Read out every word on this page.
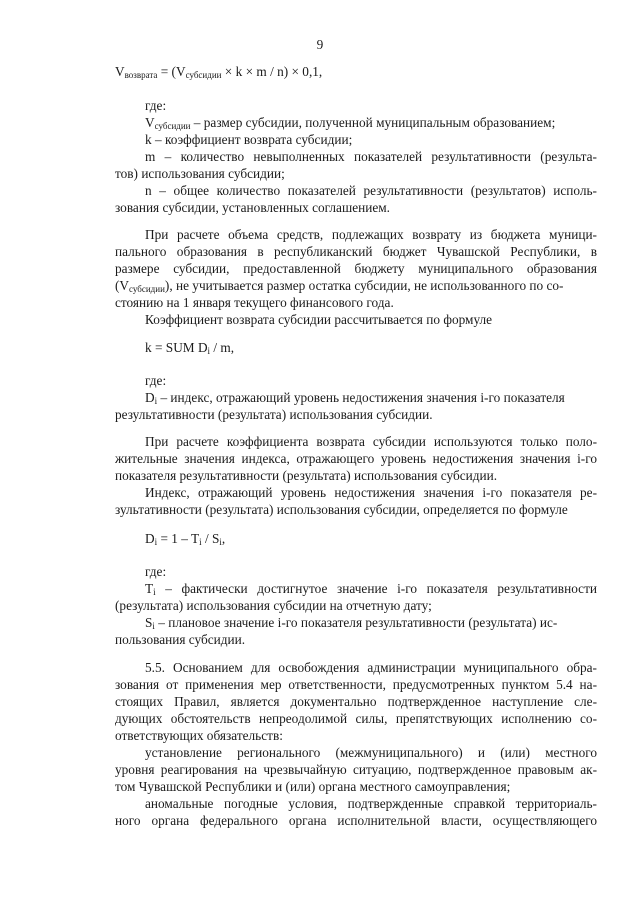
9
$V_{возврата} = (V_{субсидии} \times k \times m / n) \times 0,1$,
где:
$V_{субсидии}$ – размер субсидии, полученной муниципальным образованием;
k – коэффициент возврата субсидии;
m – количество невыполненных показателей результативности (результа-
тов) использования субсидии;
n – общее количество показателей результативности (результатов) исполь-
зования субсидии, установленных соглашением.
При расчете объема средств, подлежащих возврату из бюджета муници-
пального образования в республиканский бюджет Чувашской Республики, в
размере субсидии, предоставленной бюджету муниципального образования
$(V_{субсидии})$, не учитывается размер остатка субсидии, не использованного по со-
стоянию на 1 января текущего финансового года.
Коэффициент возврата субсидии рассчитывается по формуле
k = SUM $D_i$ / m,
где:
$D_i$ – индекс, отражающий уровень недостижения значения i-го показателя
результативности (результата) использования субсидии.
При расчете коэффициента возврата субсидии используются только поло-
жительные значения индекса, отражающего уровень недостижения значения i-го
показателя результативности (результата) использования субсидии.
Индекс, отражающий уровень недостижения значения i-го показателя ре-
зультативности (результата) использования субсидии, определяется по формуле
$D_i = 1 - T_i / S_i$,
где:
$T_i$ – фактически достигнутое значение i-го показателя результативности
(результата) использования субсидии на отчетную дату;
$S_i$ – плановое значение i-го показателя результативности (результата) ис-
пользования субсидии.
5.5. Основанием для освобождения администрации муниципального обра-
зования от применения мер ответственности, предусмотренных пунктом 5.4 на-
стоящих Правил, является документально подтвержденное наступление сле-
дующих обстоятельств непреодолимой силы, препятствующих исполнению со-
ответствующих обязательств:
установление регионального (межмуниципального) и (или) местного
уровня реагирования на чрезвычайную ситуацию, подтвержденное правовым ак-
том Чувашской Республики и (или) органа местного самоуправления;
аномальные погодные условия, подтвержденные справкой территориаль-
ного органа федерального органа исполнительной власти, осуществляющего
